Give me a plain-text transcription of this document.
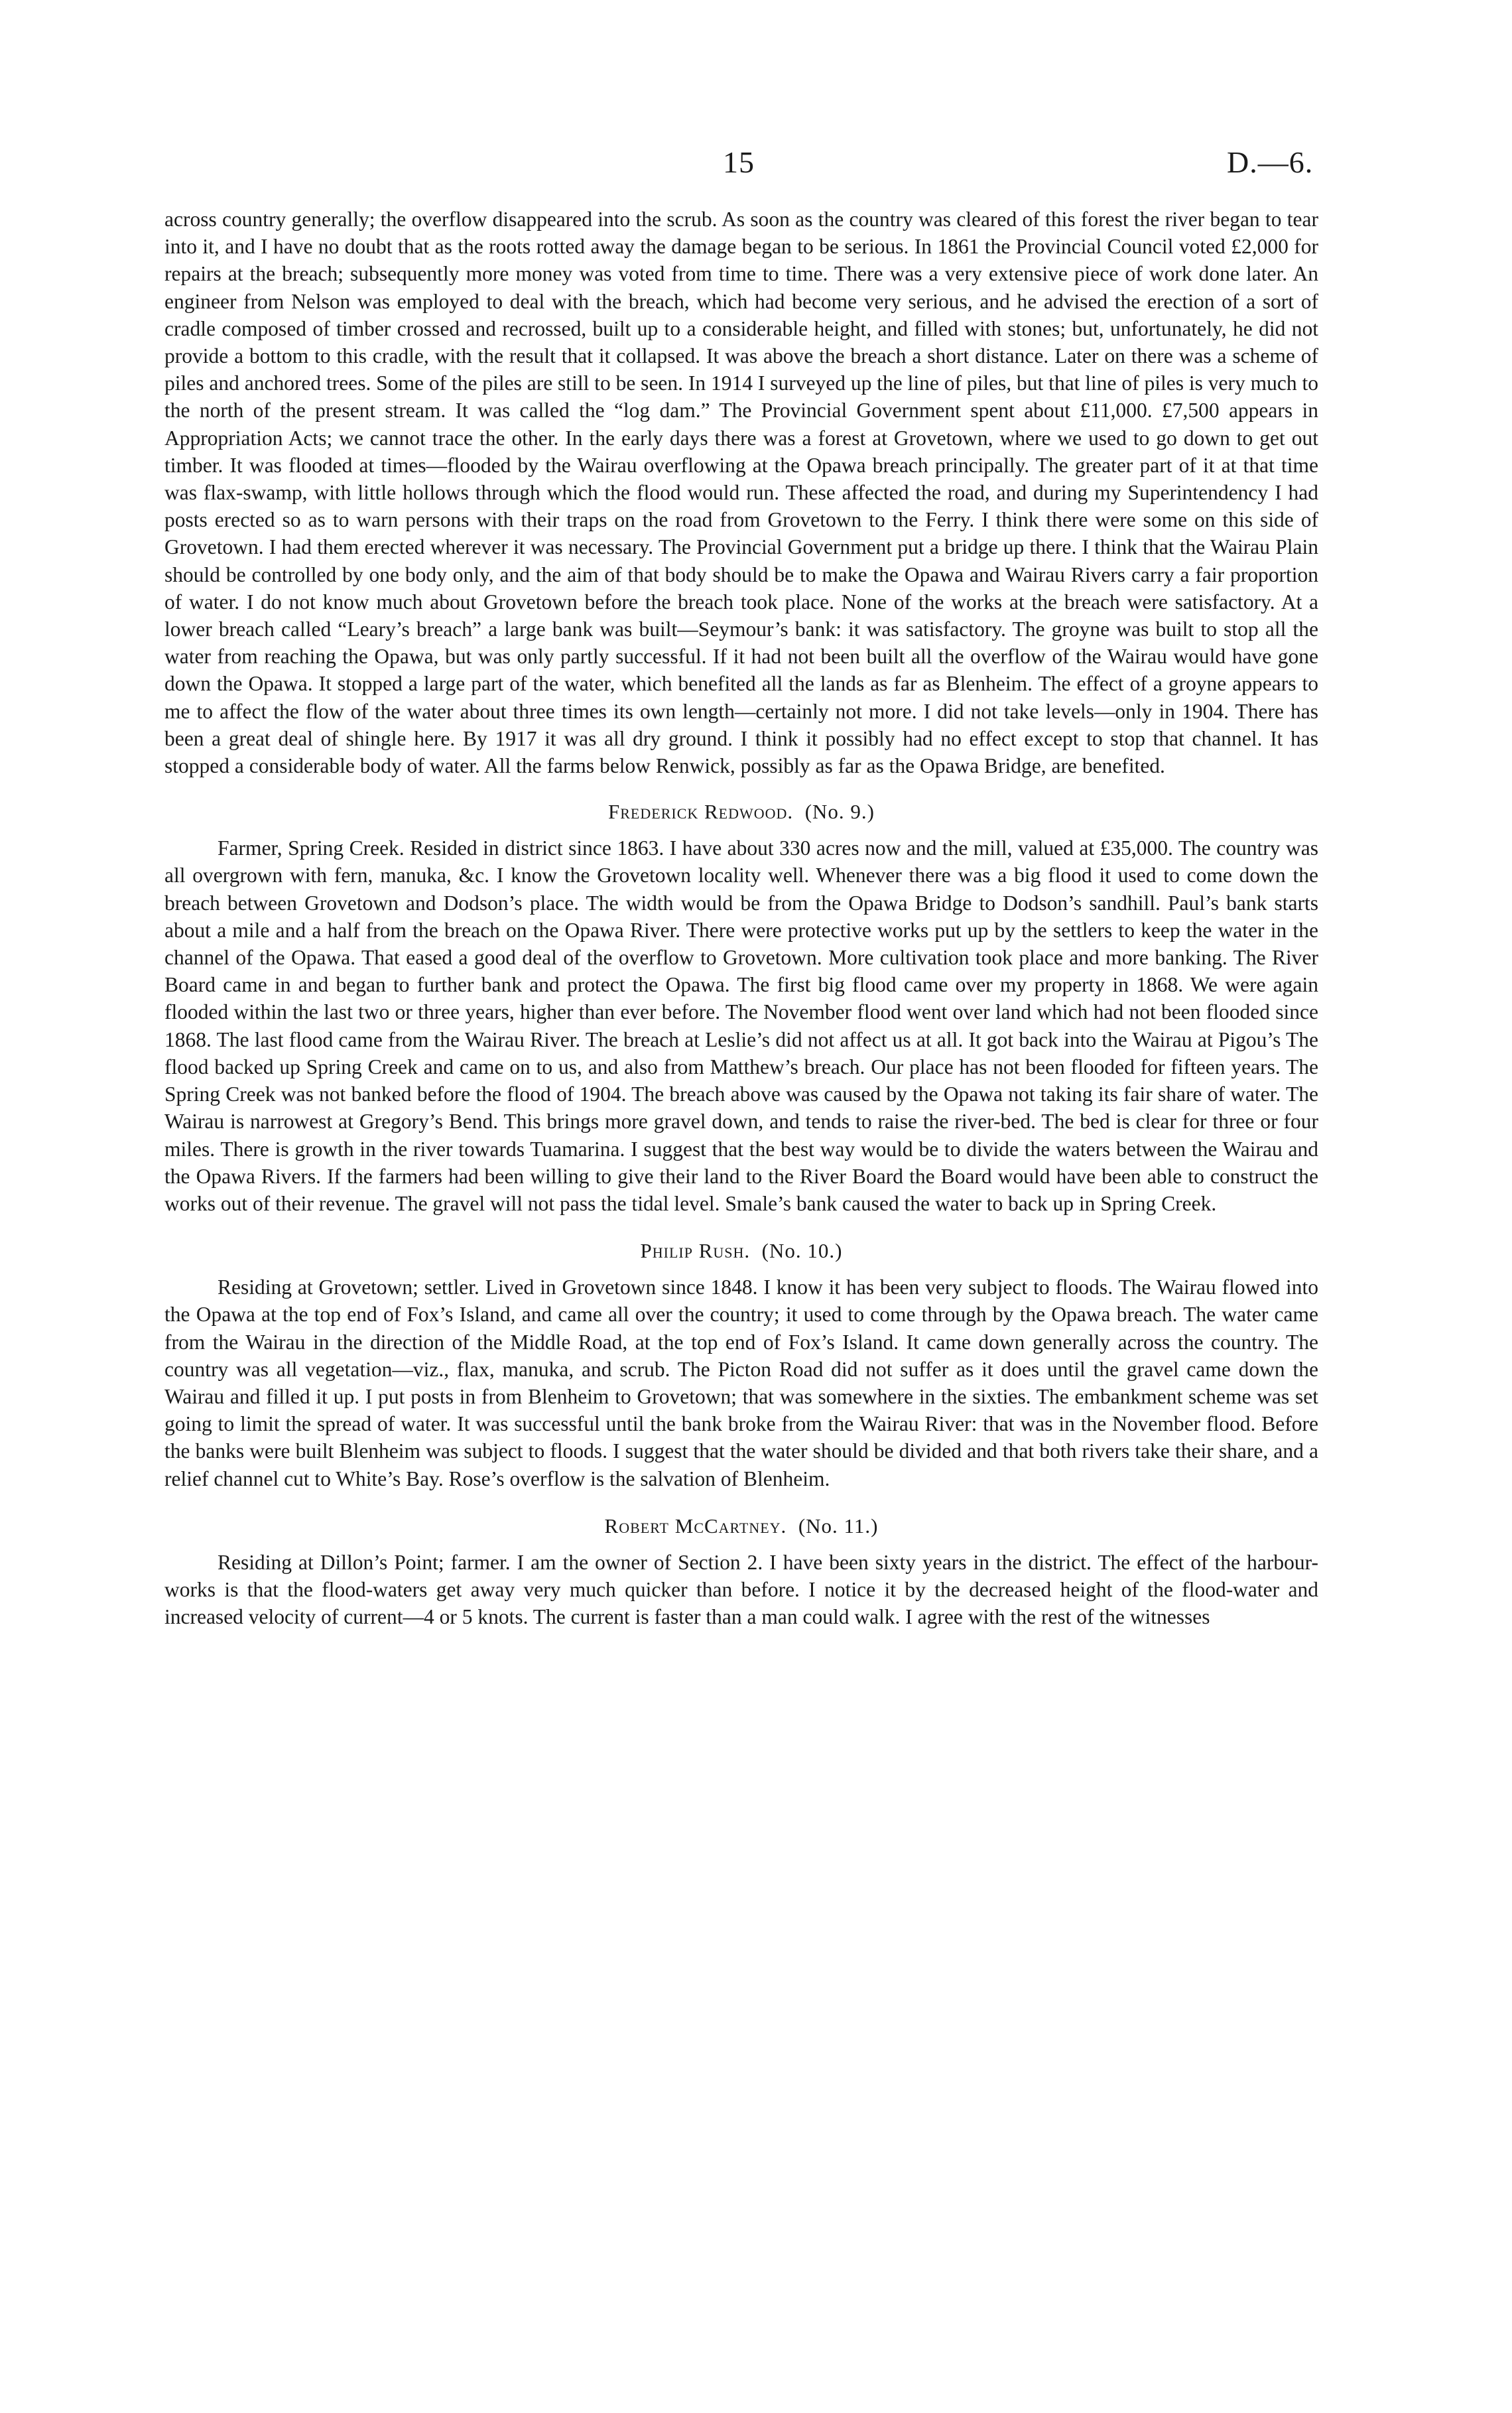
15	D.—6.

across country generally; the overflow disappeared into the scrub. As soon as the country was cleared of this forest the river began to tear into it, and I have no doubt that as the roots rotted away the damage began to be serious. In 1861 the Provincial Council voted £2,000 for repairs at the breach; subsequently more money was voted from time to time. There was a very extensive piece of work done later. An engineer from Nelson was employed to deal with the breach, which had become very serious, and he advised the erection of a sort of cradle composed of timber crossed and recrossed, built up to a considerable height, and filled with stones; but, unfortunately, he did not provide a bottom to this cradle, with the result that it collapsed. It was above the breach a short distance. Later on there was a scheme of piles and anchored trees. Some of the piles are still to be seen. In 1914 I surveyed up the line of piles, but that line of piles is very much to the north of the present stream. It was called the “log dam.” The Provincial Government spent about £11,000. £7,500 appears in Appropriation Acts; we cannot trace the other. In the early days there was a forest at Grovetown, where we used to go down to get out timber. It was flooded at times—flooded by the Wairau overflowing at the Opawa breach principally. The greater part of it at that time was flax-swamp, with little hollows through which the flood would run. These affected the road, and during my Superintendency I had posts erected so as to warn persons with their traps on the road from Grovetown to the Ferry. I think there were some on this side of Grovetown. I had them erected wherever it was necessary. The Provincial Government put a bridge up there. I think that the Wairau Plain should be controlled by one body only, and the aim of that body should be to make the Opawa and Wairau Rivers carry a fair proportion of water. I do not know much about Grovetown before the breach took place. None of the works at the breach were satisfactory. At a lower breach called “Leary’s breach” a large bank was built—Seymour’s bank: it was satisfactory. The groyne was built to stop all the water from reaching the Opawa, but was only partly successful. If it had not been built all the overflow of the Wairau would have gone down the Opawa. It stopped a large part of the water, which benefited all the lands as far as Blenheim. The effect of a groyne appears to me to affect the flow of the water about three times its own length—certainly not more. I did not take levels—only in 1904. There has been a great deal of shingle here. By 1917 it was all dry ground. I think it possibly had no effect except to stop that channel. It has stopped a considerable body of water. All the farms below Renwick, possibly as far as the Opawa Bridge, are benefited.

Frederick Redwood. (No. 9.)

Farmer, Spring Creek. Resided in district since 1863. I have about 330 acres now and the mill, valued at £35,000. The country was all overgrown with fern, manuka, &c. I know the Grovetown locality well. Whenever there was a big flood it used to come down the breach between Grovetown and Dodson’s place. The width would be from the Opawa Bridge to Dodson’s sandhill. Paul’s bank starts about a mile and a half from the breach on the Opawa River. There were protective works put up by the settlers to keep the water in the channel of the Opawa. That eased a good deal of the overflow to Grovetown. More cultivation took place and more banking. The River Board came in and began to further bank and protect the Opawa. The first big flood came over my property in 1868. We were again flooded within the last two or three years, higher than ever before. The November flood went over land which had not been flooded since 1868. The last flood came from the Wairau River. The breach at Leslie’s did not affect us at all. It got back into the Wairau at Pigou’s The flood backed up Spring Creek and came on to us, and also from Matthew’s breach. Our place has not been flooded for fifteen years. The Spring Creek was not banked before the flood of 1904. The breach above was caused by the Opawa not taking its fair share of water. The Wairau is narrowest at Gregory’s Bend. This brings more gravel down, and tends to raise the river-bed. The bed is clear for three or four miles. There is growth in the river towards Tuamarina. I suggest that the best way would be to divide the waters between the Wairau and the Opawa Rivers. If the farmers had been willing to give their land to the River Board the Board would have been able to construct the works out of their revenue. The gravel will not pass the tidal level. Smale’s bank caused the water to back up in Spring Creek.

Philip Rush. (No. 10.)

Residing at Grovetown; settler. Lived in Grovetown since 1848. I know it has been very subject to floods. The Wairau flowed into the Opawa at the top end of Fox’s Island, and came all over the country; it used to come through by the Opawa breach. The water came from the Wairau in the direction of the Middle Road, at the top end of Fox’s Island. It came down generally across the country. The country was all vegetation—viz., flax, manuka, and scrub. The Picton Road did not suffer as it does until the gravel came down the Wairau and filled it up. I put posts in from Blenheim to Grovetown; that was somewhere in the sixties. The embankment scheme was set going to limit the spread of water. It was successful until the bank broke from the Wairau River: that was in the November flood. Before the banks were built Blenheim was subject to floods. I suggest that the water should be divided and that both rivers take their share, and a relief channel cut to White’s Bay. Rose’s overflow is the salvation of Blenheim.

Robert McCartney. (No. 11.)

Residing at Dillon’s Point; farmer. I am the owner of Section 2. I have been sixty years in the district. The effect of the harbour-works is that the flood-waters get away very much quicker than before. I notice it by the decreased height of the flood-water and increased velocity of current—4 or 5 knots. The current is faster than a man could walk. I agree with the rest of the witnesses
